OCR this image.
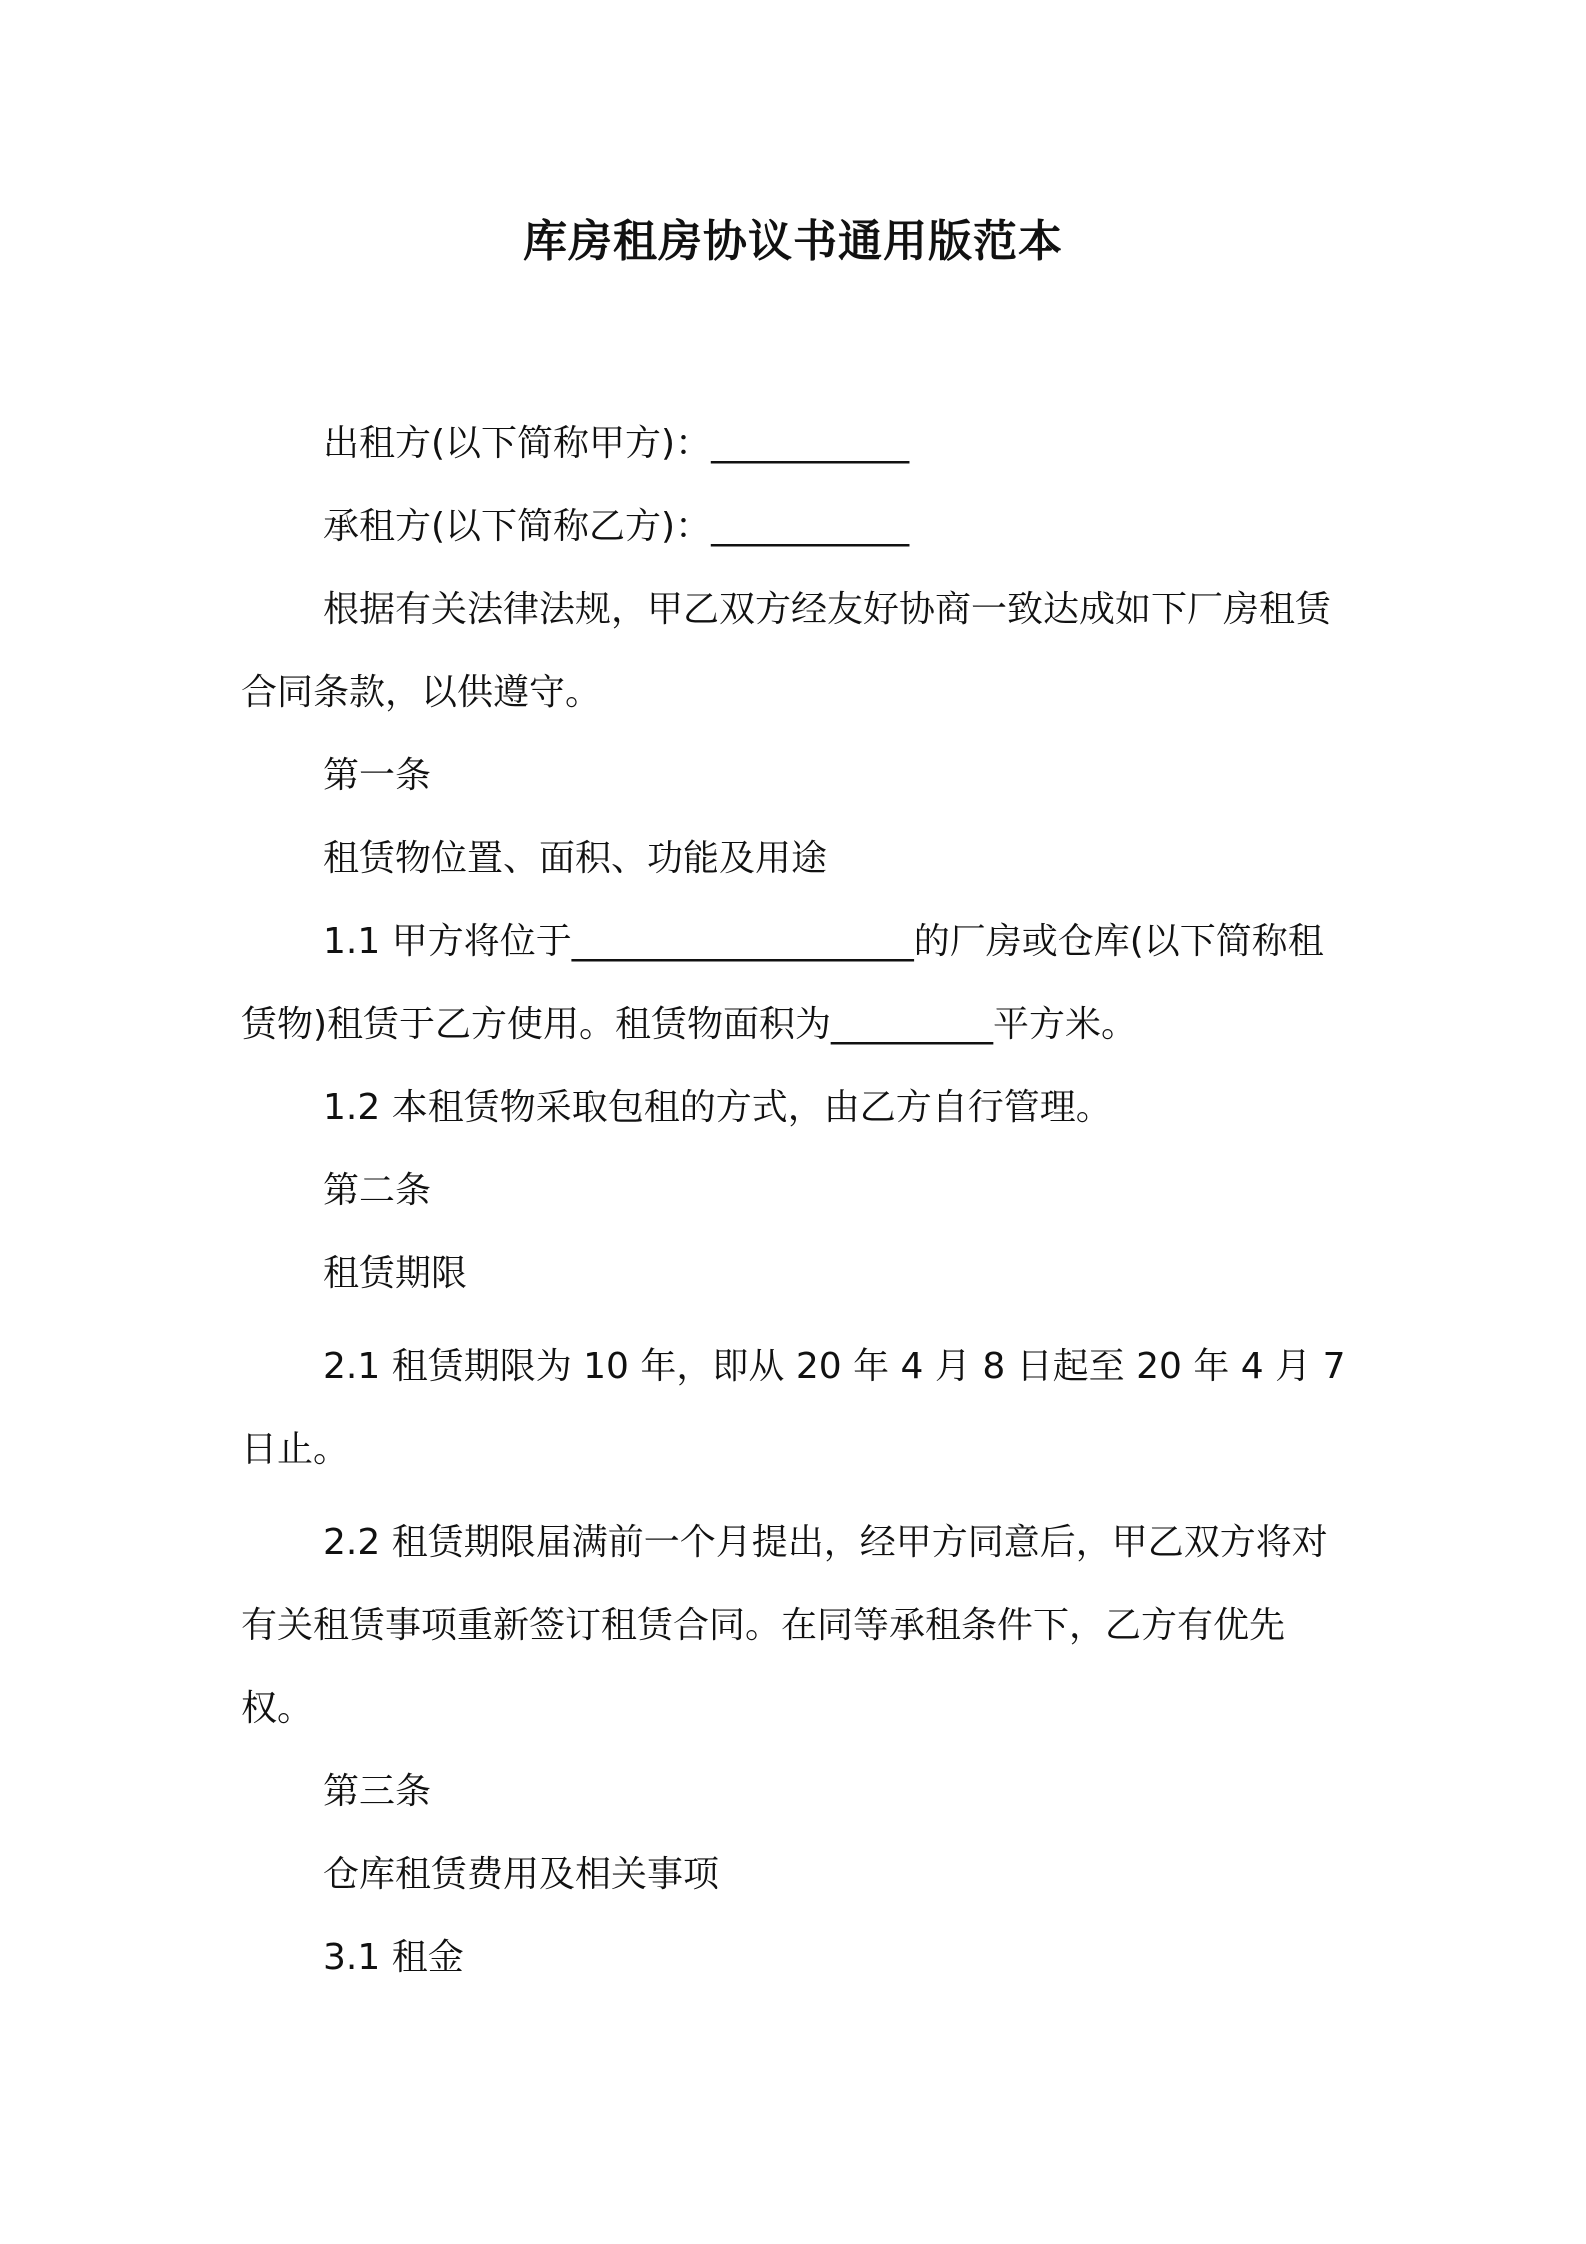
库房租房协议书通用版范本

出租方(以下简称甲方)：___________

承租方(以下简称乙方)：___________

根据有关法律法规，甲乙双方经友好协商一致达成如下厂房租赁合同条款，以供遵守。

第一条

租赁物位置、面积、功能及用途

1.1 甲方将位于___________________的厂房或仓库(以下简称租赁物)租赁于乙方使用。租赁物面积为_________平方米。

1.2 本租赁物采取包租的方式，由乙方自行管理。

第二条

租赁期限

2.1 租赁期限为 10 年，即从 20 年 4 月 8 日起至 20 年 4 月 7 日止。

2.2 租赁期限届满前一个月提出，经甲方同意后，甲乙双方将对有关租赁事项重新签订租赁合同。在同等承租条件下，乙方有优先权。

第三条

仓库租赁费用及相关事项

3.1 租金
